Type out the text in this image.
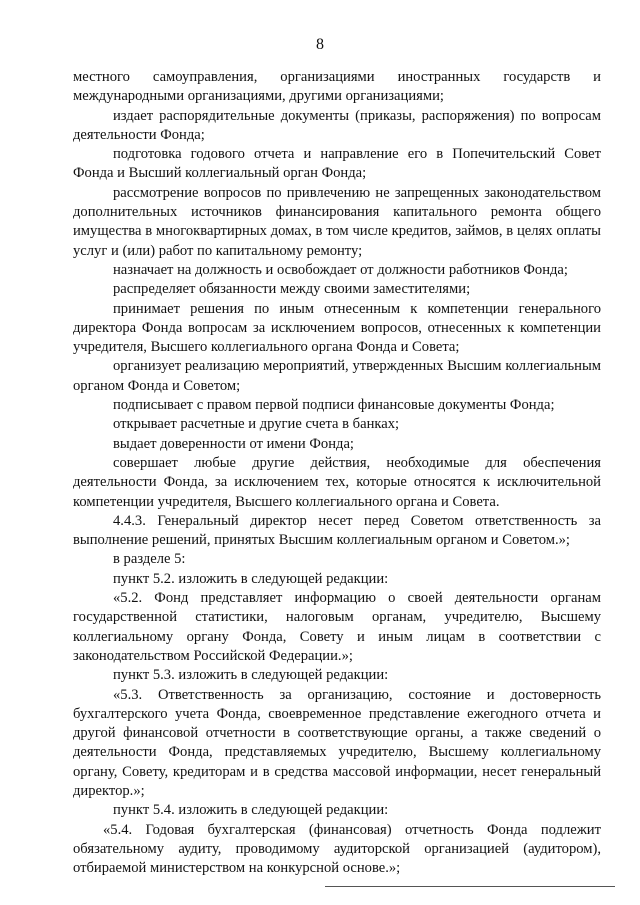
8

местного самоуправления, организациями иностранных государств и международными организациями, другими организациями;

издает распорядительные документы (приказы, распоряжения) по вопросам деятельности Фонда;

подготовка годового отчета и направление его в Попечительский Совет Фонда и Высший коллегиальный орган Фонда;

рассмотрение вопросов по привлечению не запрещенных законодательством дополнительных источников финансирования капитального ремонта общего имущества в многоквартирных домах, в том числе кредитов, займов, в целях оплаты услуг и (или) работ по капитальному ремонту;

назначает на должность и освобождает от должности работников Фонда;

распределяет обязанности между своими заместителями;

принимает решения по иным отнесенным к компетенции генерального директора Фонда вопросам за исключением вопросов, отнесенных к компетенции учредителя, Высшего коллегиального органа Фонда и Совета;

организует реализацию мероприятий, утвержденных Высшим коллегиальным органом Фонда и Советом;

подписывает с правом первой подписи финансовые документы Фонда;

открывает расчетные и другие счета в банках;

выдает доверенности от имени Фонда;

совершает любые другие действия, необходимые для обеспечения деятельности Фонда, за исключением тех, которые относятся к исключительной компетенции учредителя, Высшего коллегиального органа и Совета.

4.4.3. Генеральный директор несет перед Советом ответственность за выполнение решений, принятых Высшим коллегиальным органом и Советом.»;

в разделе 5:

пункт 5.2. изложить в следующей редакции:

«5.2. Фонд представляет информацию о своей деятельности органам государственной статистики, налоговым органам, учредителю, Высшему коллегиальному органу Фонда, Совету и иным лицам в соответствии с законодательством Российской Федерации.»;

пункт 5.3. изложить в следующей редакции:

«5.3. Ответственность за организацию, состояние и достоверность бухгалтерского учета Фонда, своевременное представление ежегодного отчета и другой финансовой отчетности в соответствующие органы, а также сведений о деятельности Фонда, представляемых учредителю, Высшему коллегиальному органу, Совету, кредиторам и в средства массовой информации, несет генеральный директор.»;

пункт 5.4. изложить в следующей редакции:

«5.4. Годовая бухгалтерская (финансовая) отчетность Фонда подлежит обязательному аудиту, проводимому аудиторской организацией (аудитором), отбираемой министерством на конкурсной основе.»;
